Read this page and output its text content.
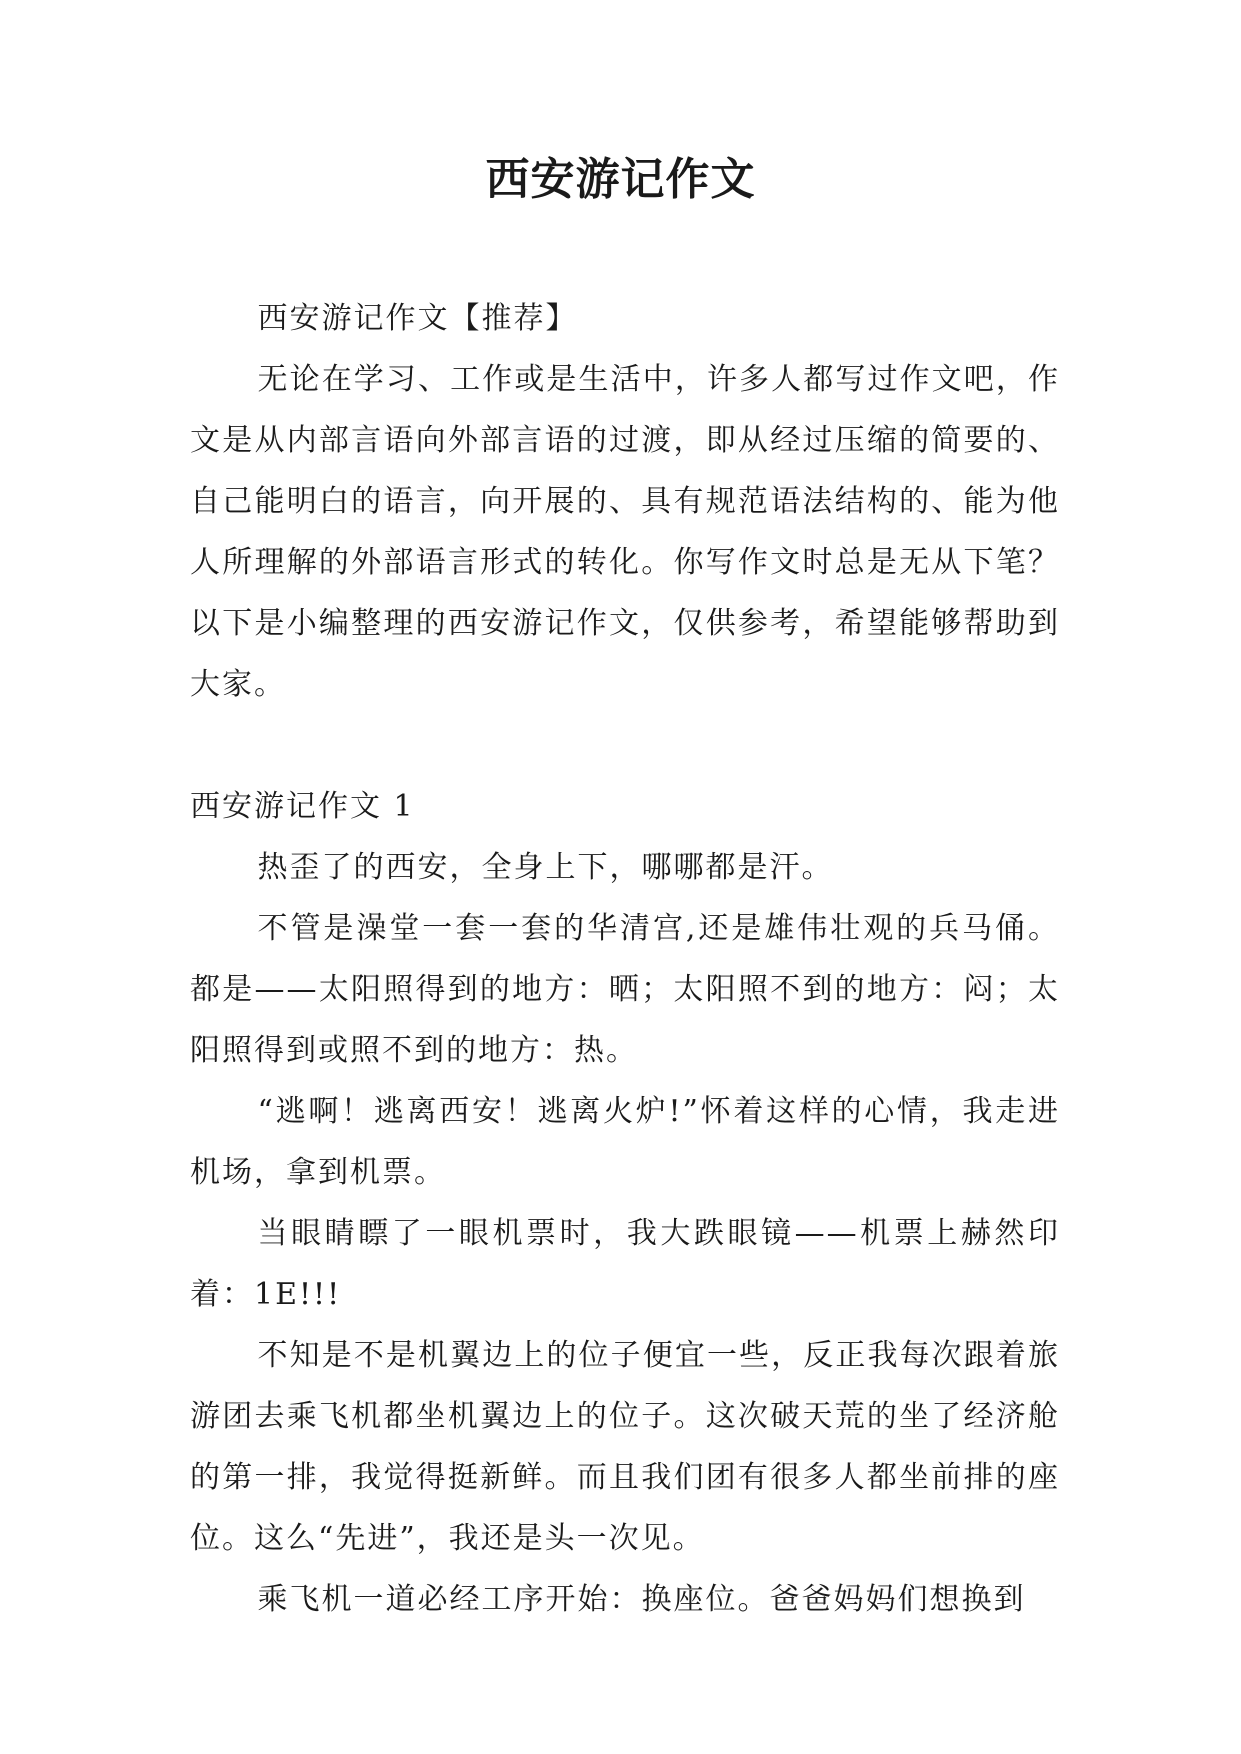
西安游记作文

西安游记作文【推荐】

无论在学习、工作或是生活中，许多人都写过作文吧，作文是从内部言语向外部言语的过渡，即从经过压缩的简要的、自己能明白的语言，向开展的、具有规范语法结构的、能为他人所理解的外部语言形式的转化。你写作文时总是无从下笔？以下是小编整理的西安游记作文，仅供参考，希望能够帮助到大家。

西安游记作文 1

热歪了的西安，全身上下，哪哪都是汗。

不管是澡堂一套一套的华清宫,还是雄伟壮观的兵马俑。都是——太阳照得到的地方：晒；太阳照不到的地方：闷；太阳照得到或照不到的地方：热。

“逃啊！逃离西安！逃离火炉!”怀着这样的心情，我走进机场，拿到机票。

当眼睛瞟了一眼机票时，我大跌眼镜——机票上赫然印着：1E!!!

不知是不是机翼边上的位子便宜一些，反正我每次跟着旅游团去乘飞机都坐机翼边上的位子。这次破天荒的坐了经济舱的第一排，我觉得挺新鲜。而且我们团有很多人都坐前排的座位。这么“先进”，我还是头一次见。

乘飞机一道必经工序开始：换座位。爸爸妈妈们想换到
